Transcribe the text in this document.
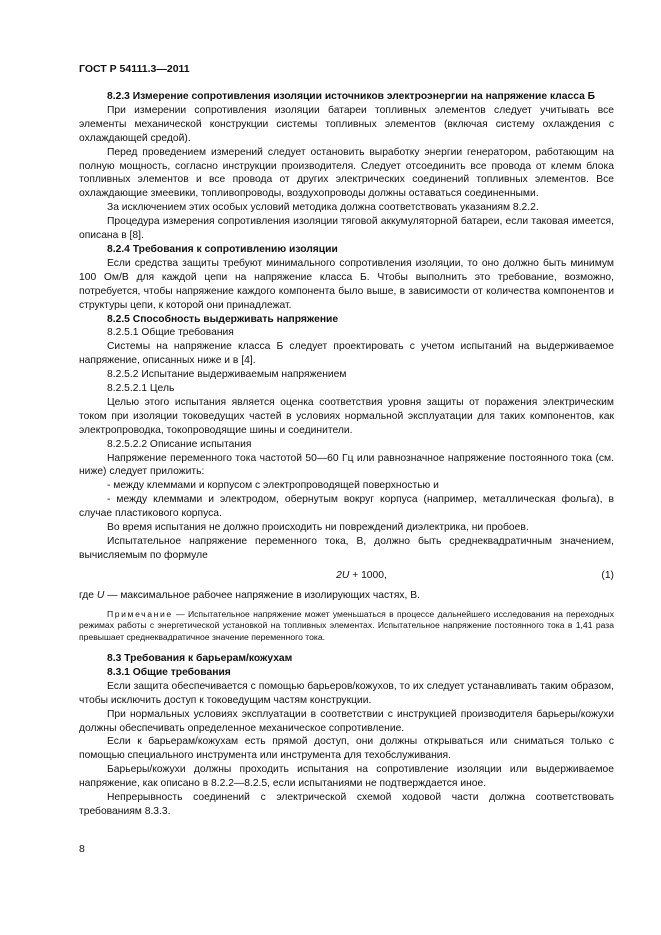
ГОСТ Р 54111.3—2011

8.2.3 Измерение сопротивления изоляции источников электроэнергии на напряжение класса Б

При измерении сопротивления изоляции батареи топливных элементов следует учитывать все элементы механической конструкции системы топливных элементов (включая систему охлаждения с охлаждающей средой).

Перед проведением измерений следует остановить выработку энергии генератором, работающим на полную мощность, согласно инструкции производителя. Следует отсоединить все провода от клемм блока топливных элементов и все провода от других электрических соединений топливных элементов. Все охлаждающие змеевики, топливопроводы, воздухопроводы должны оставаться соединенными.

За исключением этих особых условий методика должна соответствовать указаниям 8.2.2.

Процедура измерения сопротивления изоляции тяговой аккумуляторной батареи, если таковая имеется, описана в [8].

8.2.4 Требования к сопротивлению изоляции

Если средства защиты требуют минимального сопротивления изоляции, то оно должно быть минимум 100 Ом/В для каждой цепи на напряжение класса Б. Чтобы выполнить это требование, возможно, потребуется, чтобы напряжение каждого компонента было выше, в зависимости от количества компонентов и структуры цепи, к которой они принадлежат.

8.2.5 Способность выдерживать напряжение

8.2.5.1 Общие требования

Системы на напряжение класса Б следует проектировать с учетом испытаний на выдерживаемое напряжение, описанных ниже и в [4].

8.2.5.2 Испытание выдерживаемым напряжением

8.2.5.2.1 Цель

Целью этого испытания является оценка соответствия уровня защиты от поражения электрическим током при изоляции токоведущих частей в условиях нормальной эксплуатации для таких компонентов, как электропроводка, токопроводящие шины и соединители.

8.2.5.2.2 Описание испытания

Напряжение переменного тока частотой 50—60 Гц или равнозначное напряжение постоянного тока (см. ниже) следует приложить:

- между клеммами и корпусом с электропроводящей поверхностью и

- между клеммами и электродом, обернутым вокруг корпуса (например, металлическая фольга), в случае пластикового корпуса.

Во время испытания не должно происходить ни повреждений диэлектрика, ни пробоев.

Испытательное напряжение переменного тока, В, должно быть среднеквадратичным значением, вычисляемым по формуле

2U + 1000,	(1)

где U — максимальное рабочее напряжение в изолирующих частях, В.

Примечание — Испытательное напряжение может уменьшаться в процессе дальнейшего исследования на переходных режимах работы с энергетической установкой на топливных элементах. Испытательное напряжение постоянного тока в 1,41 раза превышает среднеквадратичное значение переменного тока.

8.3 Требования к барьерам/кожухам

8.3.1 Общие требования

Если защита обеспечивается с помощью барьеров/кожухов, то их следует устанавливать таким образом, чтобы исключить доступ к токоведущим частям конструкции.

При нормальных условиях эксплуатации в соответствии с инструкцией производителя барьеры/кожухи должны обеспечивать определенное механическое сопротивление.

Если к барьерам/кожухам есть прямой доступ, они должны открываться или сниматься только с помощью специального инструмента или инструмента для техобслуживания.

Барьеры/кожухи должны проходить испытания на сопротивление изоляции или выдерживаемое напряжение, как описано в 8.2.2—8.2.5, если испытаниями не подтверждается иное.

Непрерывность соединений с электрической схемой ходовой части должна соответствовать требованиям 8.3.3.

8
